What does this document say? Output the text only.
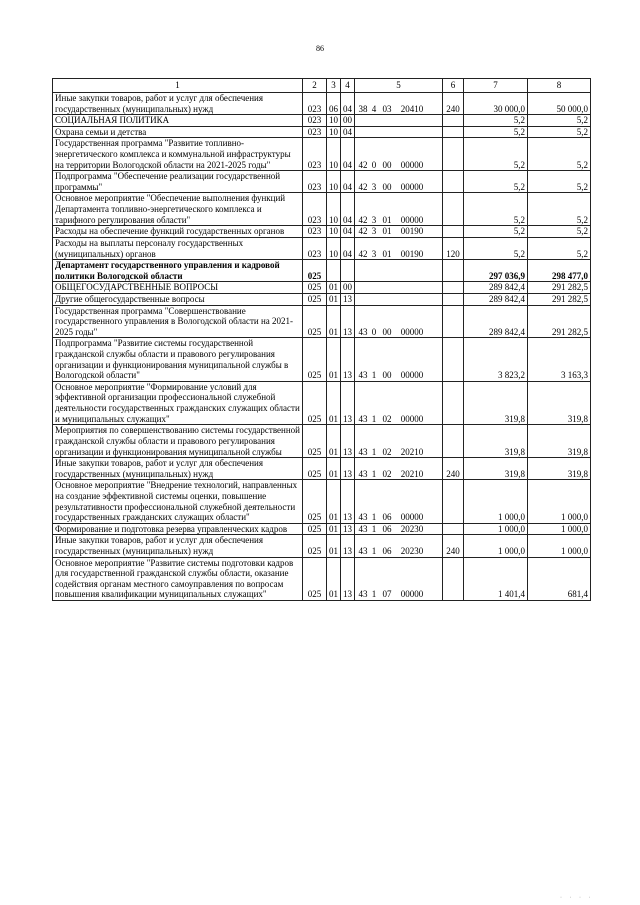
86
1	2	3	4	5	6	7	8
Иные закупки товаров, работ и услуг для обеспечения государственных (муниципальных) нужд	023	06	04	38 4 03 20410	240	30 000,0	50 000,0
СОЦИАЛЬНАЯ ПОЛИТИКА	023	10	00			5,2	5,2
Охрана семьи и детства	023	10	04			5,2	5,2
Государственная программа "Развитие топливно-энергетического комплекса и коммунальной инфраструктуры на территории Вологодской области на 2021-2025 годы"	023	10	04	42 0 00 00000		5,2	5,2
Подпрограмма "Обеспечение реализации государственной программы"	023	10	04	42 3 00 00000		5,2	5,2
Основное мероприятие "Обеспечение выполнения функций Департамента топливно-энергетического комплекса и тарифного регулирования области"	023	10	04	42 3 01 00000		5,2	5,2
Расходы на обеспечение функций государственных органов	023	10	04	42 3 01 00190		5,2	5,2
Расходы на выплаты персоналу государственных (муниципальных) органов	023	10	04	42 3 01 00190	120	5,2	5,2
Департамент государственного управления и кадровой политики Вологодской области	025					297 036,9	298 477,0
ОБЩЕГОСУДАРСТВЕННЫЕ ВОПРОСЫ	025	01	00			289 842,4	291 282,5
Другие общегосударственные вопросы	025	01	13			289 842,4	291 282,5
Государственная программа "Совершенствование государственного управления в Вологодской области на 2021-2025 годы"	025	01	13	43 0 00 00000		289 842,4	291 282,5
Подпрограмма "Развитие системы государственной гражданской службы области и правового регулирования организации и функционирования муниципальной службы в Вологодской области"	025	01	13	43 1 00 00000		3 823,2	3 163,3
Основное мероприятие "Формирование условий для эффективной организации профессиональной служебной деятельности государственных гражданских служащих области и муниципальных служащих"	025	01	13	43 1 02 00000		319,8	319,8
Мероприятия по совершенствованию системы государственной гражданской службы области и правового регулирования организации и функционирования муниципальной службы	025	01	13	43 1 02 20210		319,8	319,8
Иные закупки товаров, работ и услуг для обеспечения государственных (муниципальных) нужд	025	01	13	43 1 02 20210	240	319,8	319,8
Основное мероприятие "Внедрение технологий, направленных на создание эффективной системы оценки, повышение результативности профессиональной служебной деятельности государственных гражданских служащих области"	025	01	13	43 1 06 00000		1 000,0	1 000,0
Формирование и подготовка резерва управленческих кадров	025	01	13	43 1 06 20230		1 000,0	1 000,0
Иные закупки товаров, работ и услуг для обеспечения государственных (муниципальных) нужд	025	01	13	43 1 06 20230	240	1 000,0	1 000,0
Основное мероприятие "Развитие системы подготовки кадров для государственной гражданской службы области, оказание содействия органам местного самоуправления по вопросам повышения квалификации муниципальных служащих"	025	01	13	43 1 07 00000		1 401,4	681,4
· · · ·
